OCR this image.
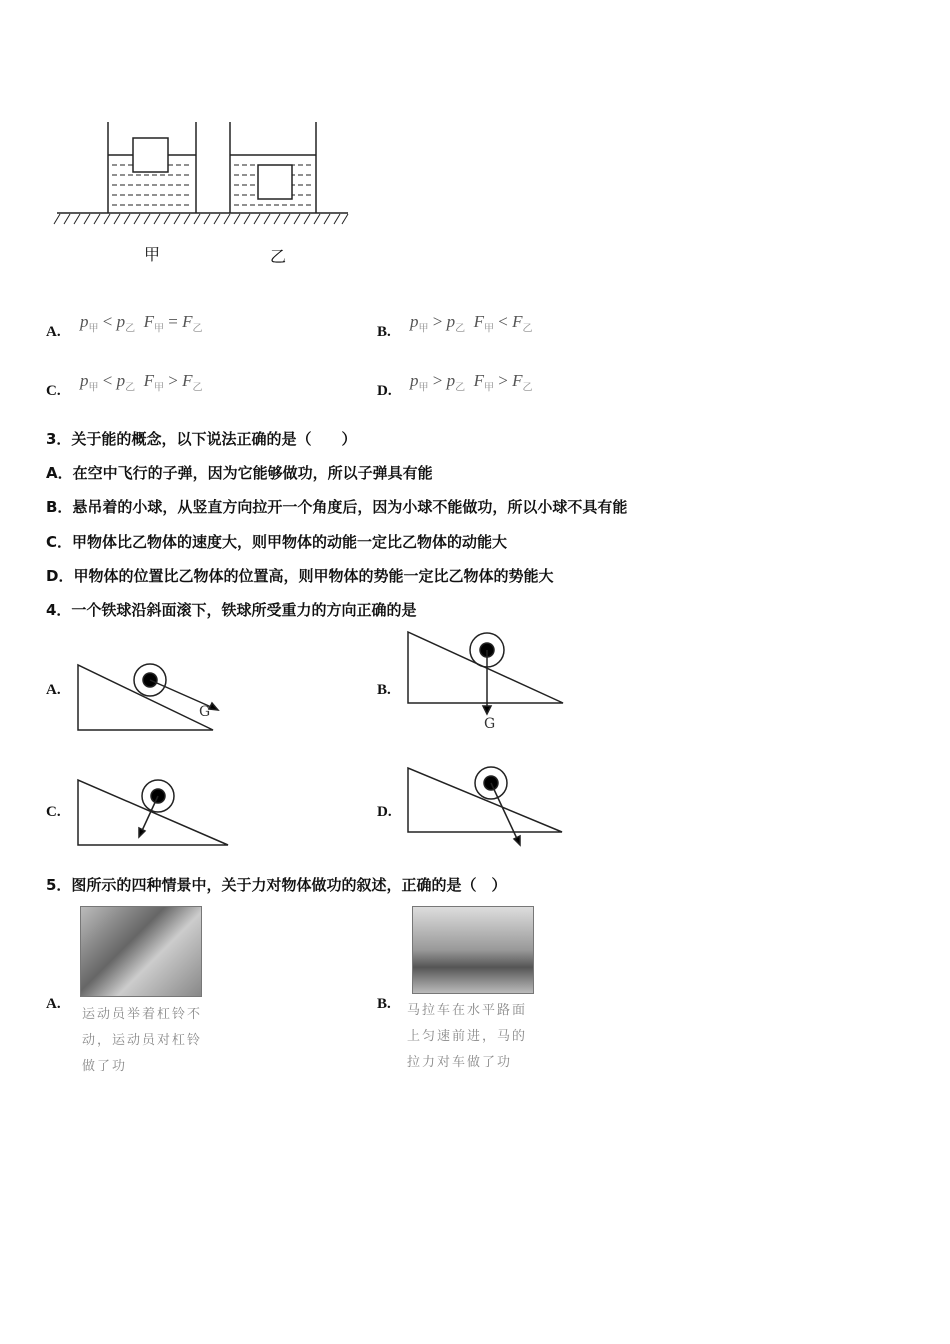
甲	乙
A.
$p_甲 < p_乙$ $F_甲 = F_乙$	B.
$p_甲 > p_乙$ $F_甲 < F_乙$
C.
$p_甲 < p_乙$ $F_甲 > F_乙$	D.
$p_甲 > p_乙$ $F_甲 > F_乙$
3．关于能的概念，以下说法正确的是（　　）
A．在空中飞行的子弹，因为它能够做功，所以子弹具有能
B．悬吊着的小球，从竖直方向拉开一个角度后，因为小球不能做功，所以小球不具有能
C．甲物体比乙物体的速度大，则甲物体的动能一定比乙物体的动能大
D．甲物体的位置比乙物体的位置高，则甲物体的势能一定比乙物体的势能大
4．一个铁球沿斜面滚下，铁球所受重力的方向正确的是
A.	B.
C.	D.
G
G
5．图所示的四种情景中，关于力对物体做功的叙述，正确的是（　）
A.
运动员举着杠铃不动，运动员对杠铃做了功
B. 马拉车在水平路面上匀速前进，马的拉力对车做了功
